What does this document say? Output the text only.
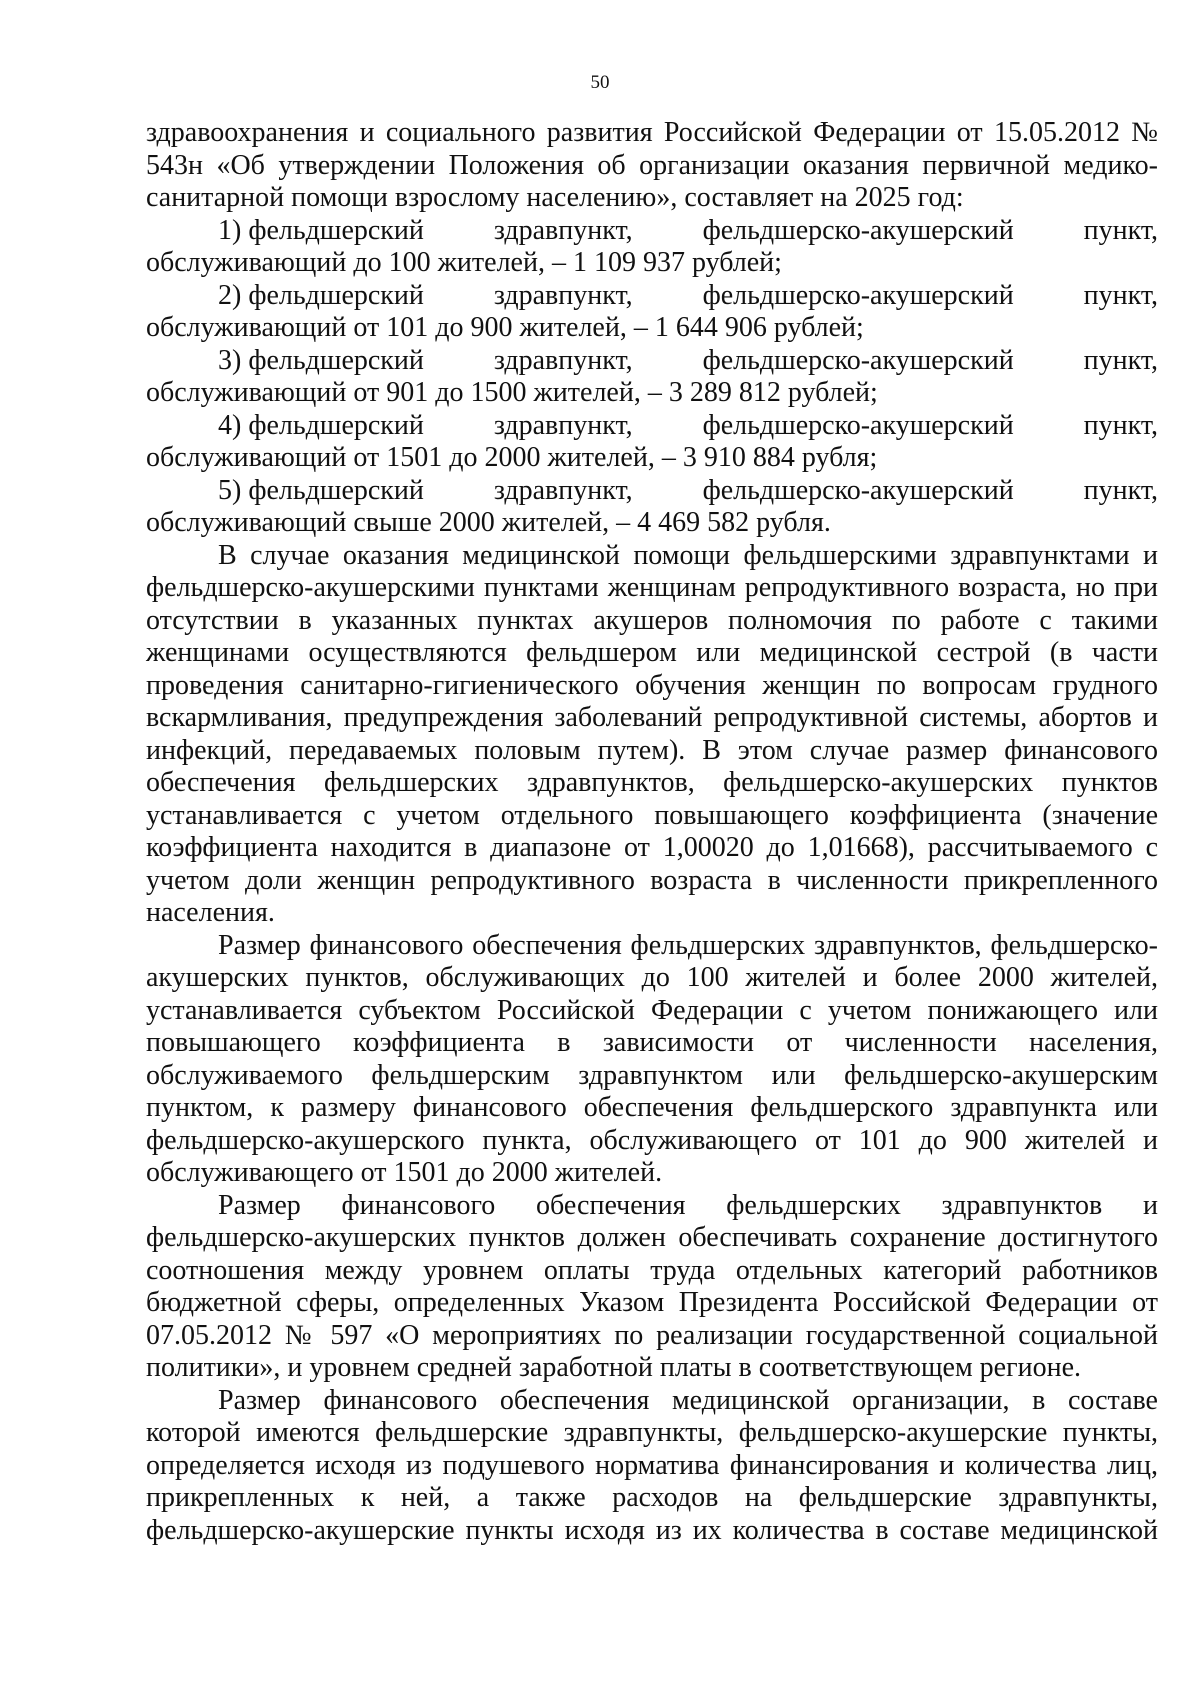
50

здравоохранения и социального развития Российской Федерации от 15.05.2012 № 543н «Об утверждении Положения об организации оказания первичной медико-санитарной помощи взрослому населению», составляет на 2025 год:

1) фельдшерский здравпункт, фельдшерско-акушерский пункт,
обслуживающий до 100 жителей, – 1 109 937 рублей;
2) фельдшерский здравпункт, фельдшерско-акушерский пункт,
обслуживающий от 101 до 900 жителей, – 1 644 906 рублей;
3) фельдшерский здравпункт, фельдшерско-акушерский пункт,
обслуживающий от 901 до 1500 жителей, – 3 289 812 рублей;
4) фельдшерский здравпункт, фельдшерско-акушерский пункт,
обслуживающий от 1501 до 2000 жителей, – 3 910 884 рубля;
5) фельдшерский здравпункт, фельдшерско-акушерский пункт,
обслуживающий свыше 2000 жителей, – 4 469 582 рубля.

В случае оказания медицинской помощи фельдшерскими здравпунктами и фельдшерско-акушерскими пунктами женщинам репродуктивного возраста, но при отсутствии в указанных пунктах акушеров полномочия по работе с такими женщинами осуществляются фельдшером или медицинской сестрой (в части проведения санитарно-гигиенического обучения женщин по вопросам грудного вскармливания, предупреждения заболеваний репродуктивной системы, абортов и инфекций, передаваемых половым путем). В этом случае размер финансового обеспечения фельдшерских здравпунктов, фельдшерско-акушерских пунктов устанавливается с учетом отдельного повышающего коэффициента (значение коэффициента находится в диапазоне от 1,00020 до 1,01668), рассчитываемого с учетом доли женщин репродуктивного возраста в численности прикрепленного населения.

Размер финансового обеспечения фельдшерских здравпунктов, фельдшерско-акушерских пунктов, обслуживающих до 100 жителей и более 2000 жителей, устанавливается субъектом Российской Федерации с учетом понижающего или повышающего коэффициента в зависимости от численности населения, обслуживаемого фельдшерским здравпунктом или фельдшерско-акушерским пунктом, к размеру финансового обеспечения фельдшерского здравпункта или фельдшерско-акушерского пункта, обслуживающего от 101 до 900 жителей и обслуживающего от 1501 до 2000 жителей.

Размер финансового обеспечения фельдшерских здравпунктов и фельдшерско-акушерских пунктов должен обеспечивать сохранение достигнутого соотношения между уровнем оплаты труда отдельных категорий работников бюджетной сферы, определенных Указом Президента Российской Федерации от 07.05.2012 № 597 «О мероприятиях по реализации государственной социальной политики», и уровнем средней заработной платы в соответствующем регионе.

Размер финансового обеспечения медицинской организации, в составе которой имеются фельдшерские здравпункты, фельдшерско-акушерские пункты, определяется исходя из подушевого норматива финансирования и количества лиц, прикрепленных к ней, а также расходов на фельдшерские здравпункты, фельдшерско-акушерские пункты исходя из их количества в составе медицинской
